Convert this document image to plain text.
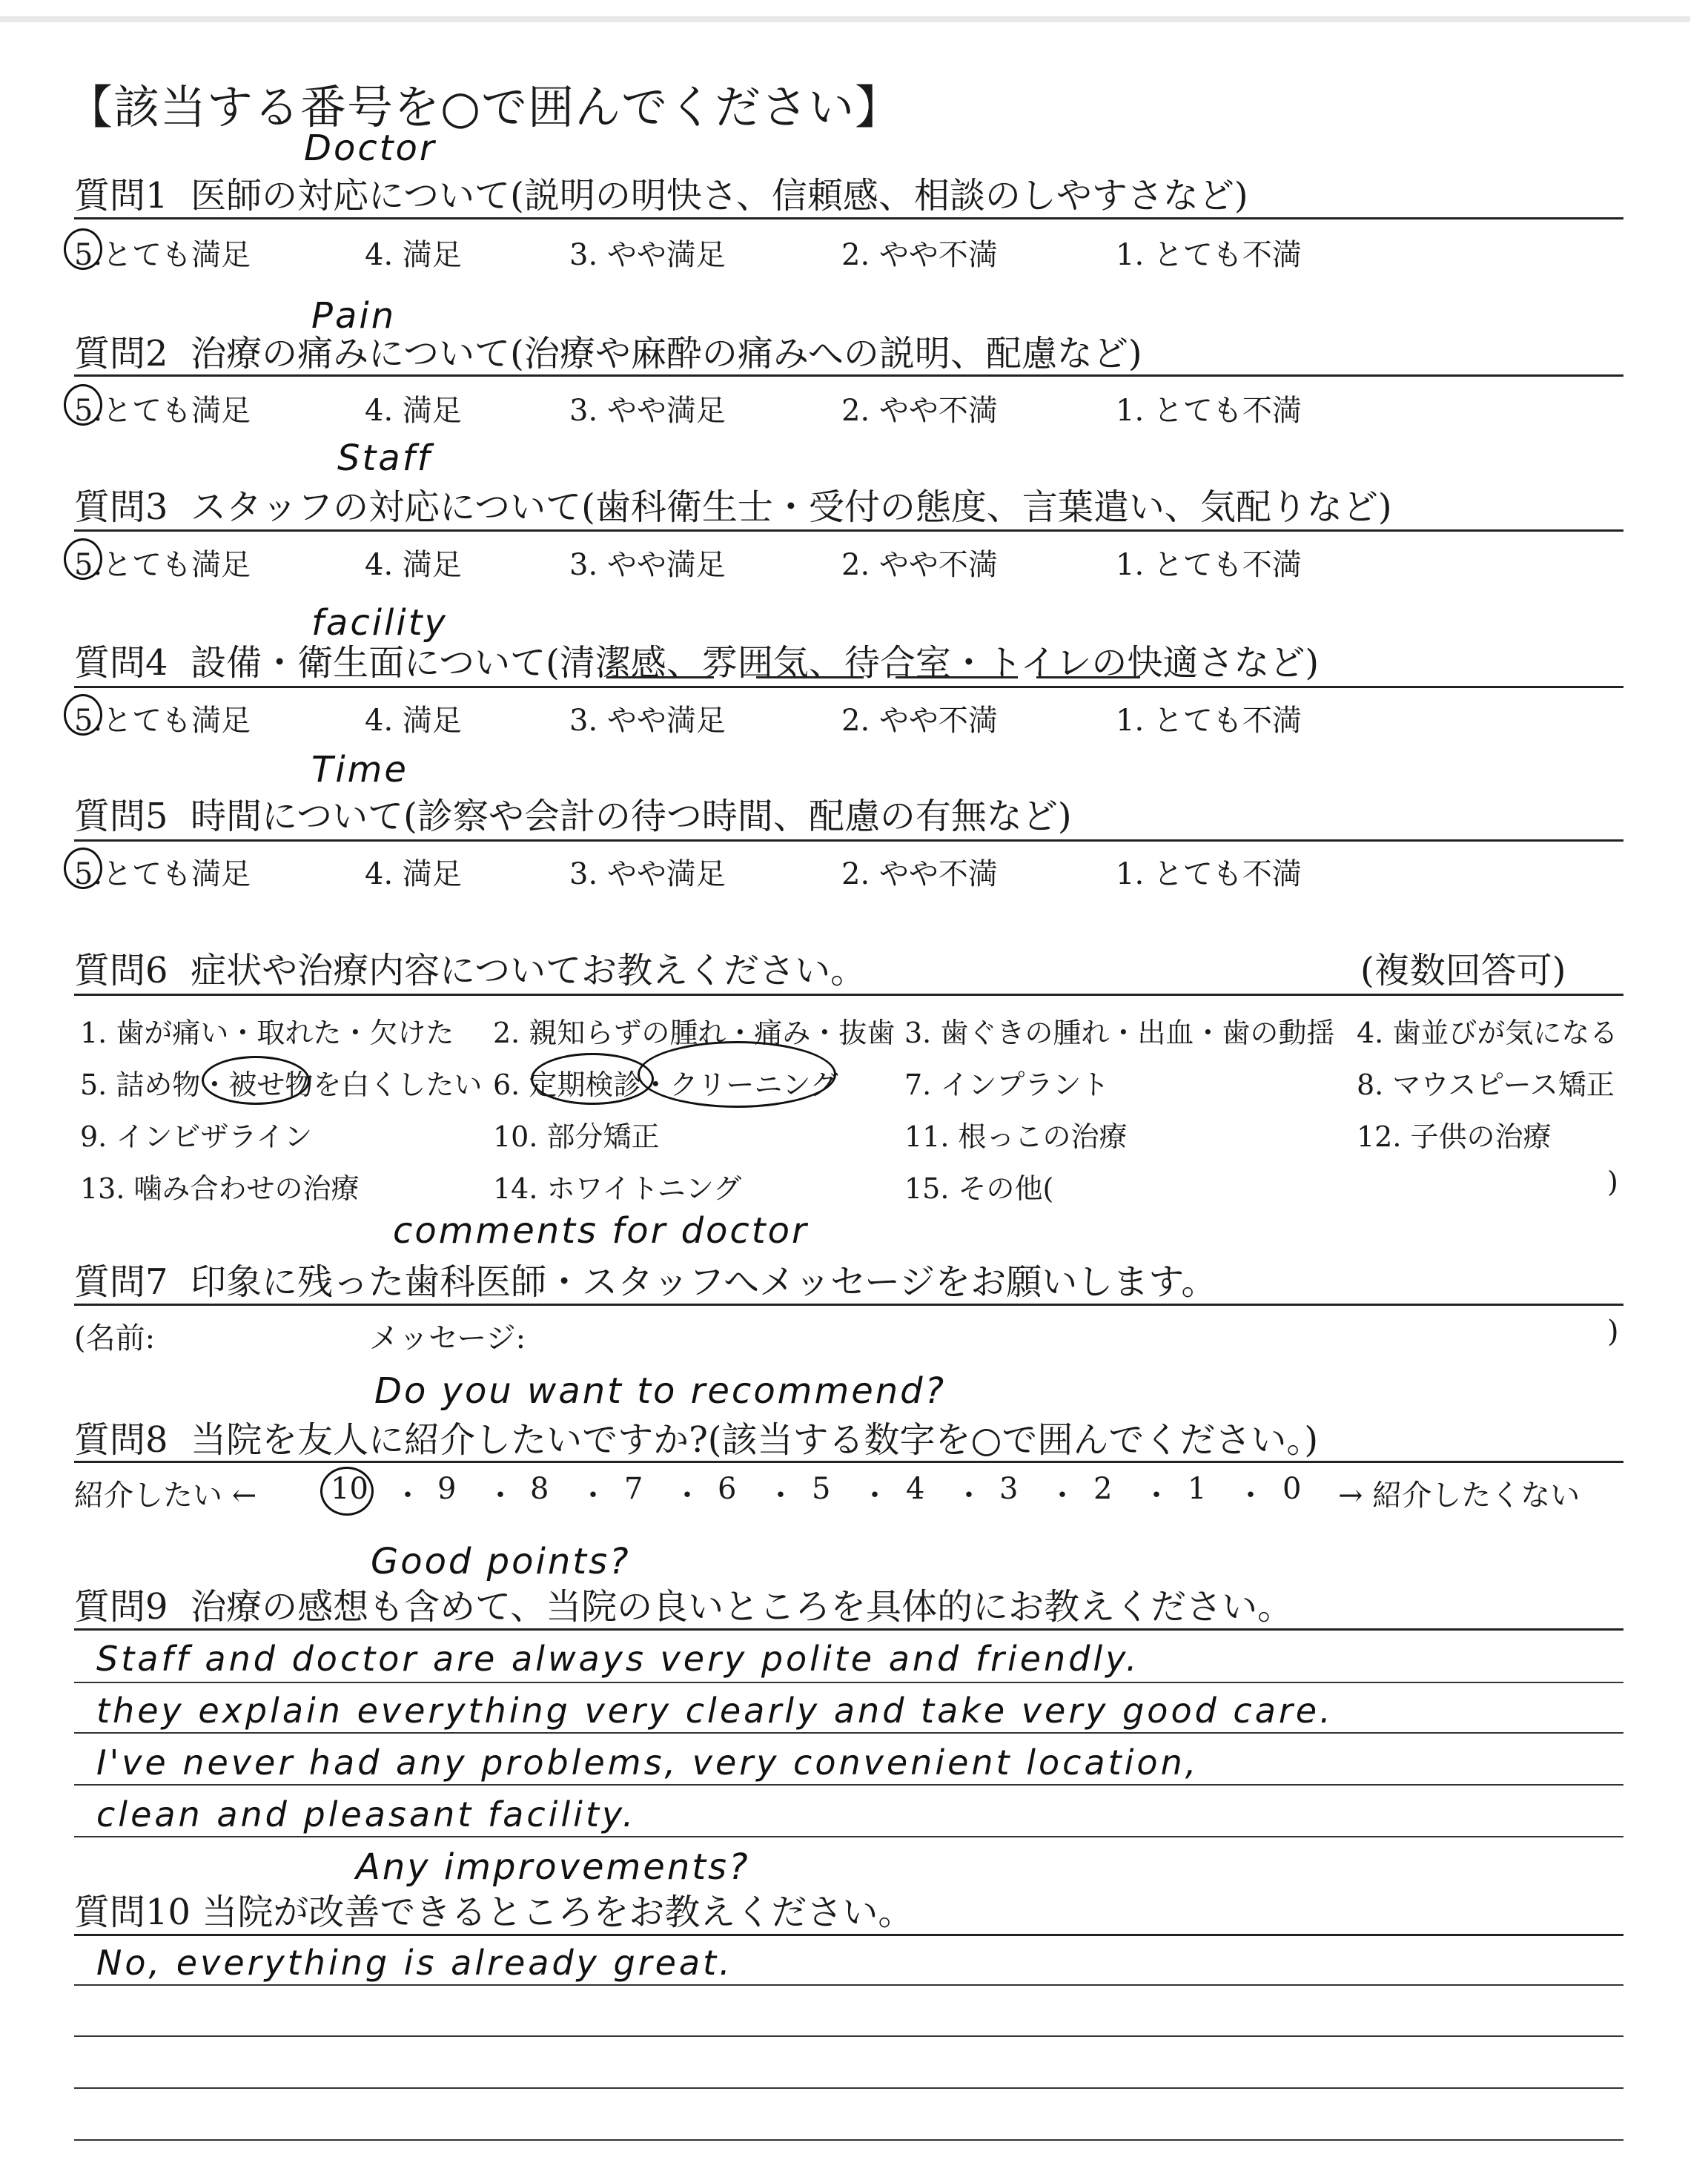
【該当する番号を○で囲んでください】
Doctor
質問1 医師の対応について(説明の明快さ、信頼感、相談のしやすさなど)
5.とても満足	4. 満足	3. やや満足	2. やや不満	1. とても不満
Pain
質問2 治療の痛みについて(治療や麻酔の痛みへの説明、配慮など)
5.とても満足	4. 満足	3. やや満足	2. やや不満	1. とても不満
Staff
質問3 スタッフの対応について(歯科衛生士・受付の態度、言葉遣い、気配りなど)
5.とても満足	4. 満足	3. やや満足	2. やや不満	1. とても不満
facility
質問4 設備・衛生面について(清潔感、雰囲気、待合室・トイレの快適さなど)
5.とても満足	4. 満足	3. やや満足	2. やや不満	1. とても不満
Time
質問5 時間について(診察や会計の待つ時間、配慮の有無など)
5.とても満足	4. 満足	3. やや満足	2. やや不満	1. とても不満
質問6 症状や治療内容についてお教えください。	(複数回答可)
1. 歯が痛い・取れた・欠けた 2. 親知らずの腫れ・痛み・抜歯 3. 歯ぐきの腫れ・出血・歯の動揺 4. 歯並びが気になる
5. 詰め物・被せ物を白くしたい 6. 定期検診・クリーニング 7. インプラント	8. マウスピース矯正
9. インビザライン	10. 部分矯正	11. 根っこの治療	12. 子供の治療
13. 噛み合わせの治療	14. ホワイトニング	15. その他(	)
comments for doctor
質問7 印象に残った歯科医師・スタッフへメッセージをお願いします。
(名前:	メッセージ:	)
Do you want to recommend?
質問8 当院を友人に紹介したいですか?(該当する数字を○で囲んでください。)
紹介したい ← 10 ・ 9 ・ 8 ・ 7 ・ 6 ・ 5 ・ 4 ・ 3 ・ 2 ・ 1 ・ 0 → 紹介したくない
Good points?
質問9 治療の感想も含めて、当院の良いところを具体的にお教えください。
Staff and doctor are always very polite and friendly.
they explain everything very clearly and take very good care.
I've never had any problems, very convenient location,
clean and pleasant facility.
Any improvements?
質問10 当院が改善できるところをお教えください。
No, everything is already great.
